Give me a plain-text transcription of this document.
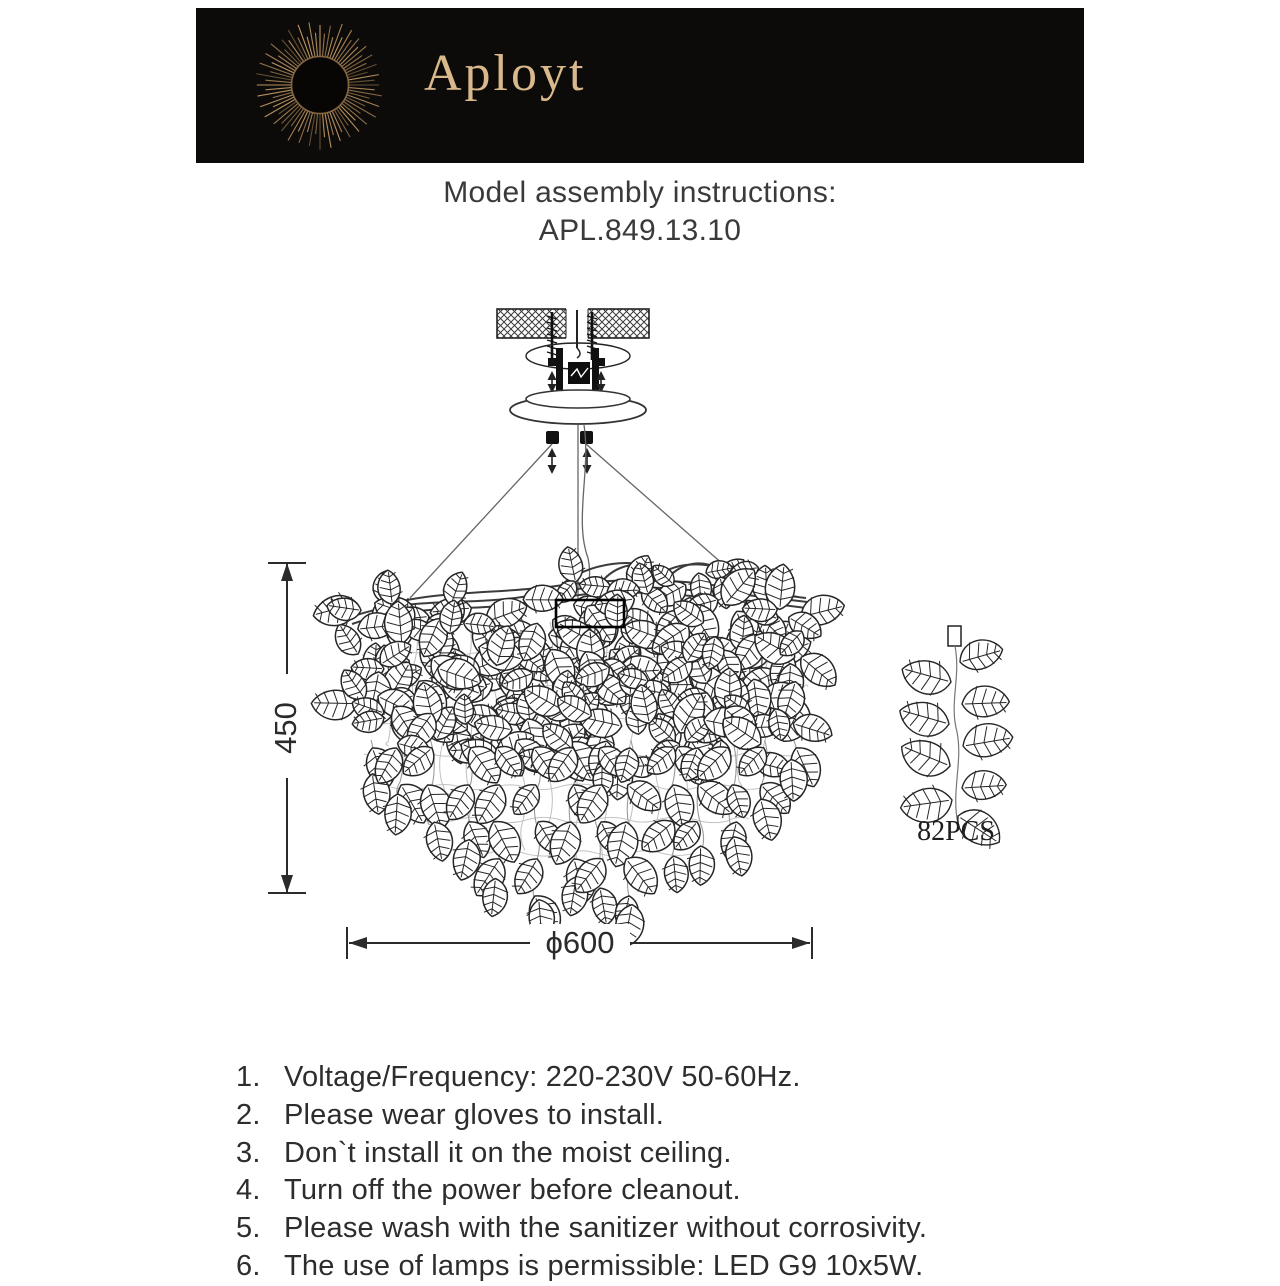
Aployt
Model assembly instructions:
APL.849.13.10
450
ϕ600
82PCS
1. Voltage/Frequency: 220-230V 50-60Hz.
2. Please wear gloves to install.
3. Don`t install it on the moist ceiling.
4. Turn off the power before cleanout.
5. Please wash with the sanitizer without corrosivity.
6. The use of lamps is permissible: LED G9 10x5W.
